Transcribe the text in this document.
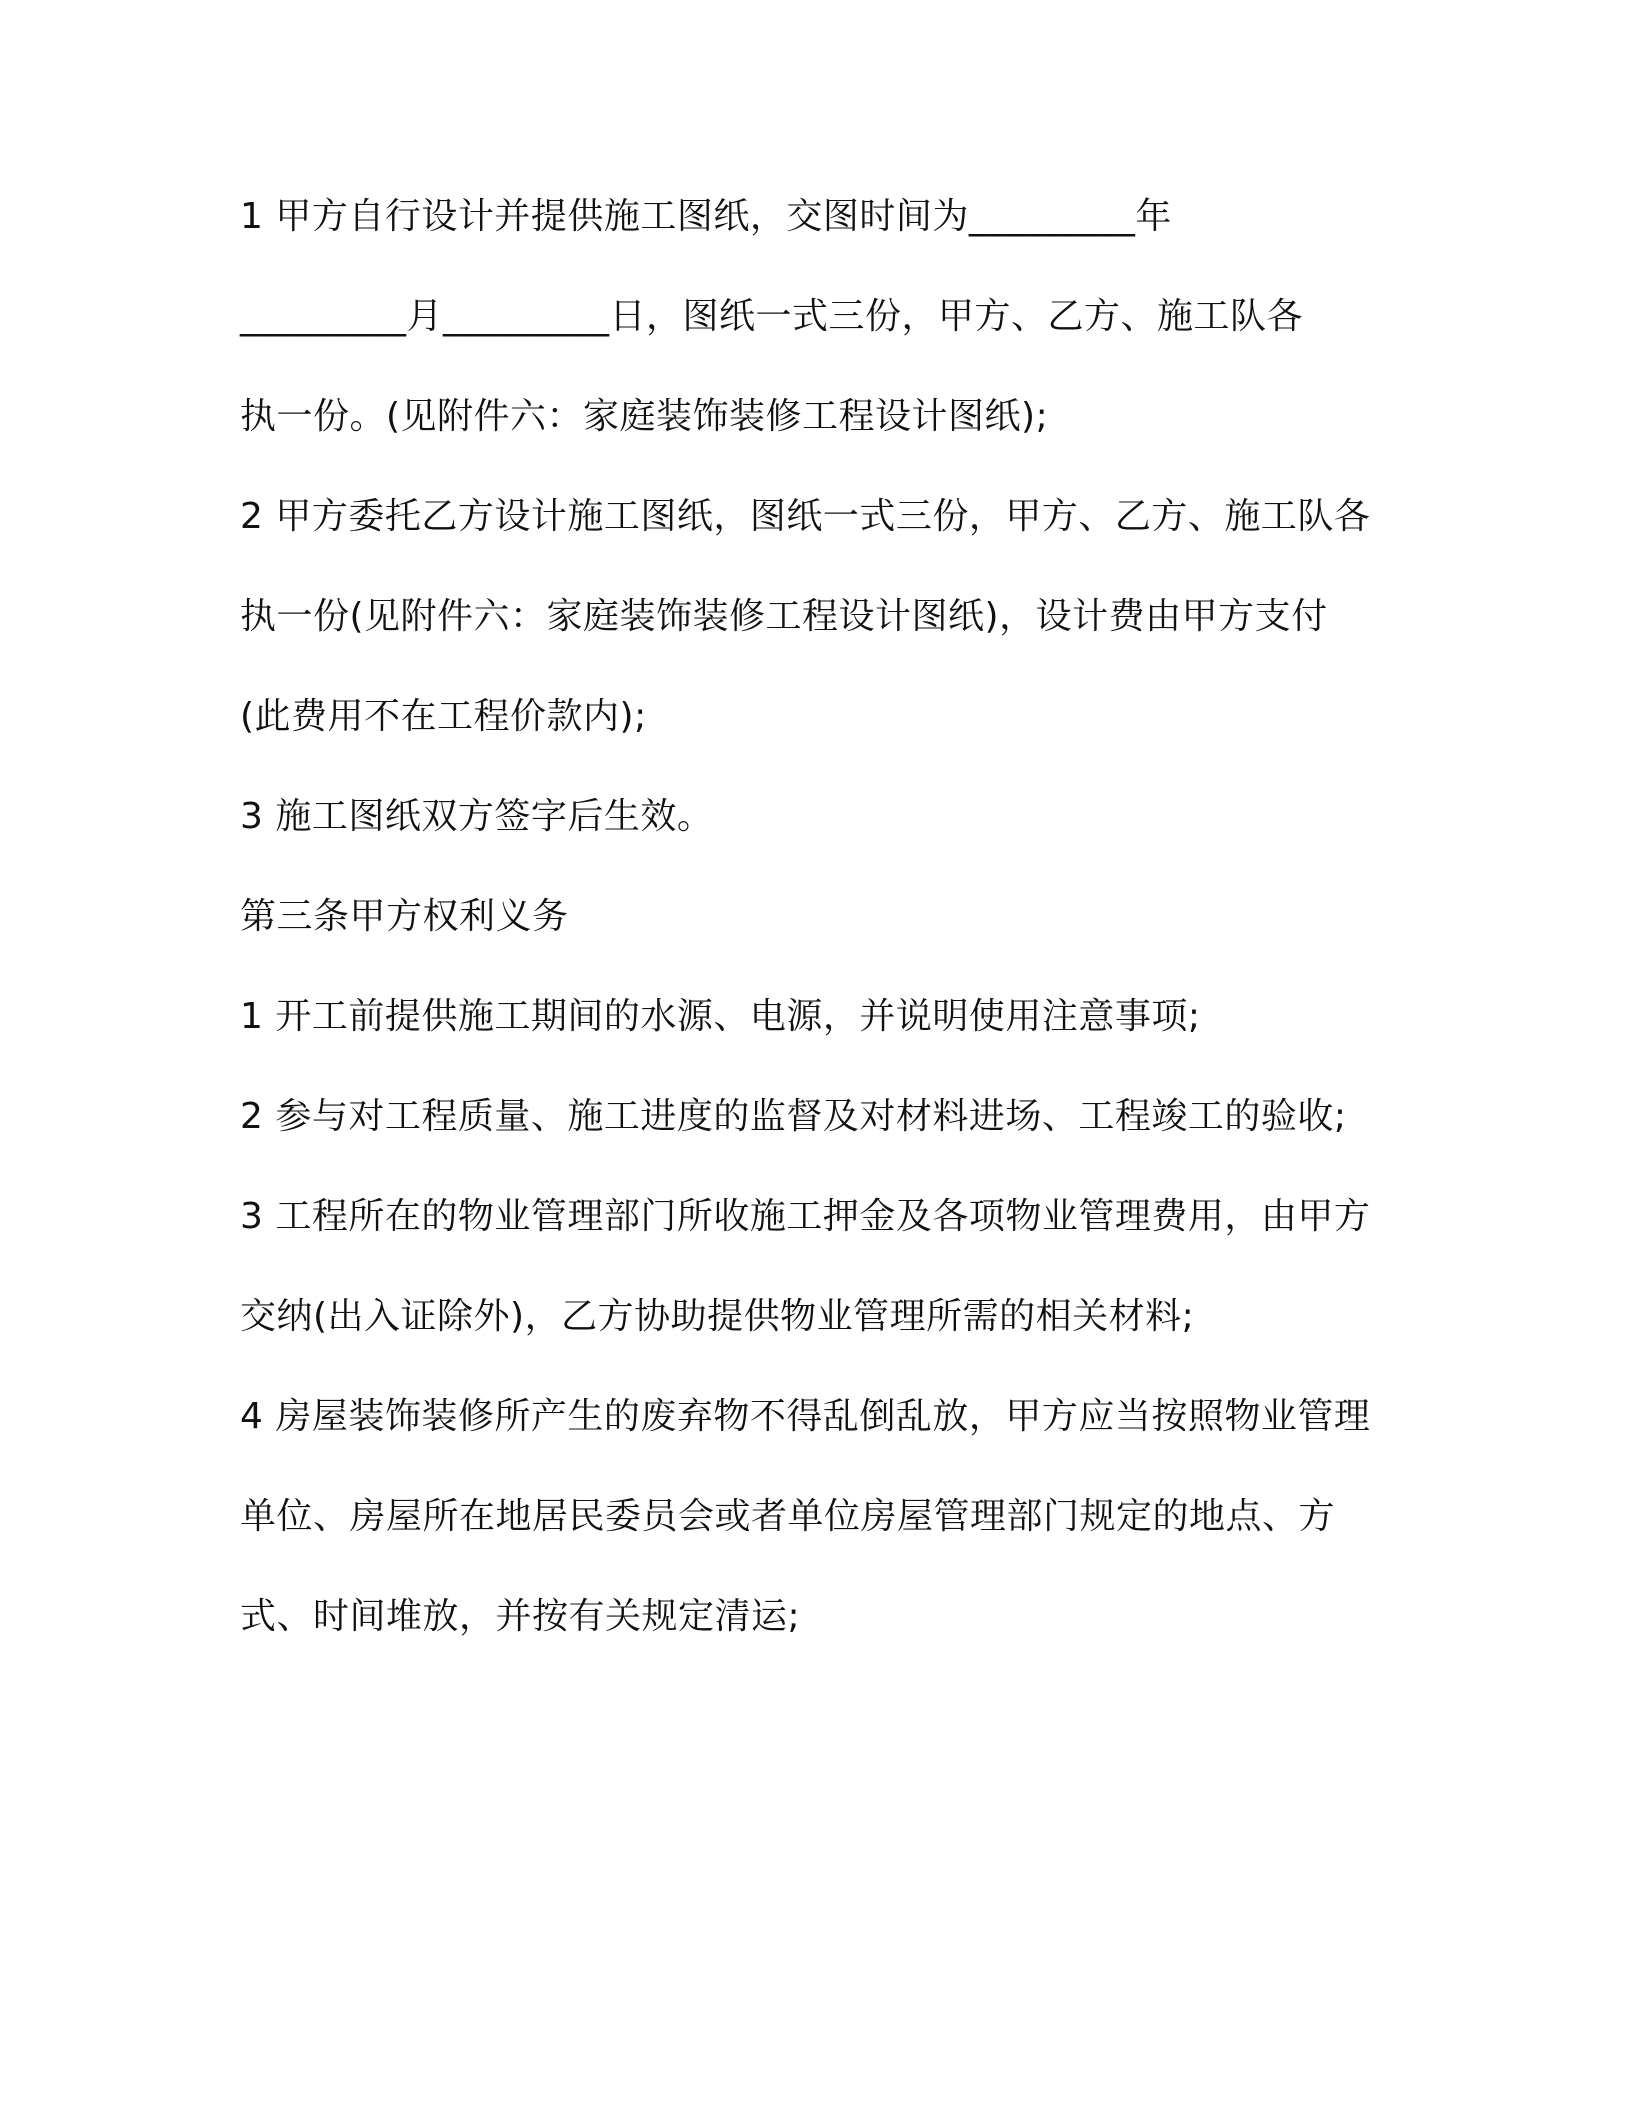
1 甲方自行设计并提供施工图纸，交图时间为_________年
_________月_________日，图纸一式三份，甲方、乙方、施工队各
执一份。(见附件六：家庭装饰装修工程设计图纸);
2 甲方委托乙方设计施工图纸，图纸一式三份，甲方、乙方、施工队各
执一份(见附件六：家庭装饰装修工程设计图纸)，设计费由甲方支付
(此费用不在工程价款内);
3 施工图纸双方签字后生效。
第三条甲方权利义务
1 开工前提供施工期间的水源、电源，并说明使用注意事项;
2 参与对工程质量、施工进度的监督及对材料进场、工程竣工的验收;
3 工程所在的物业管理部门所收施工押金及各项物业管理费用，由甲方
交纳(出入证除外)，乙方协助提供物业管理所需的相关材料;
4 房屋装饰装修所产生的废弃物不得乱倒乱放，甲方应当按照物业管理
单位、房屋所在地居民委员会或者单位房屋管理部门规定的地点、方
式、时间堆放，并按有关规定清运;
